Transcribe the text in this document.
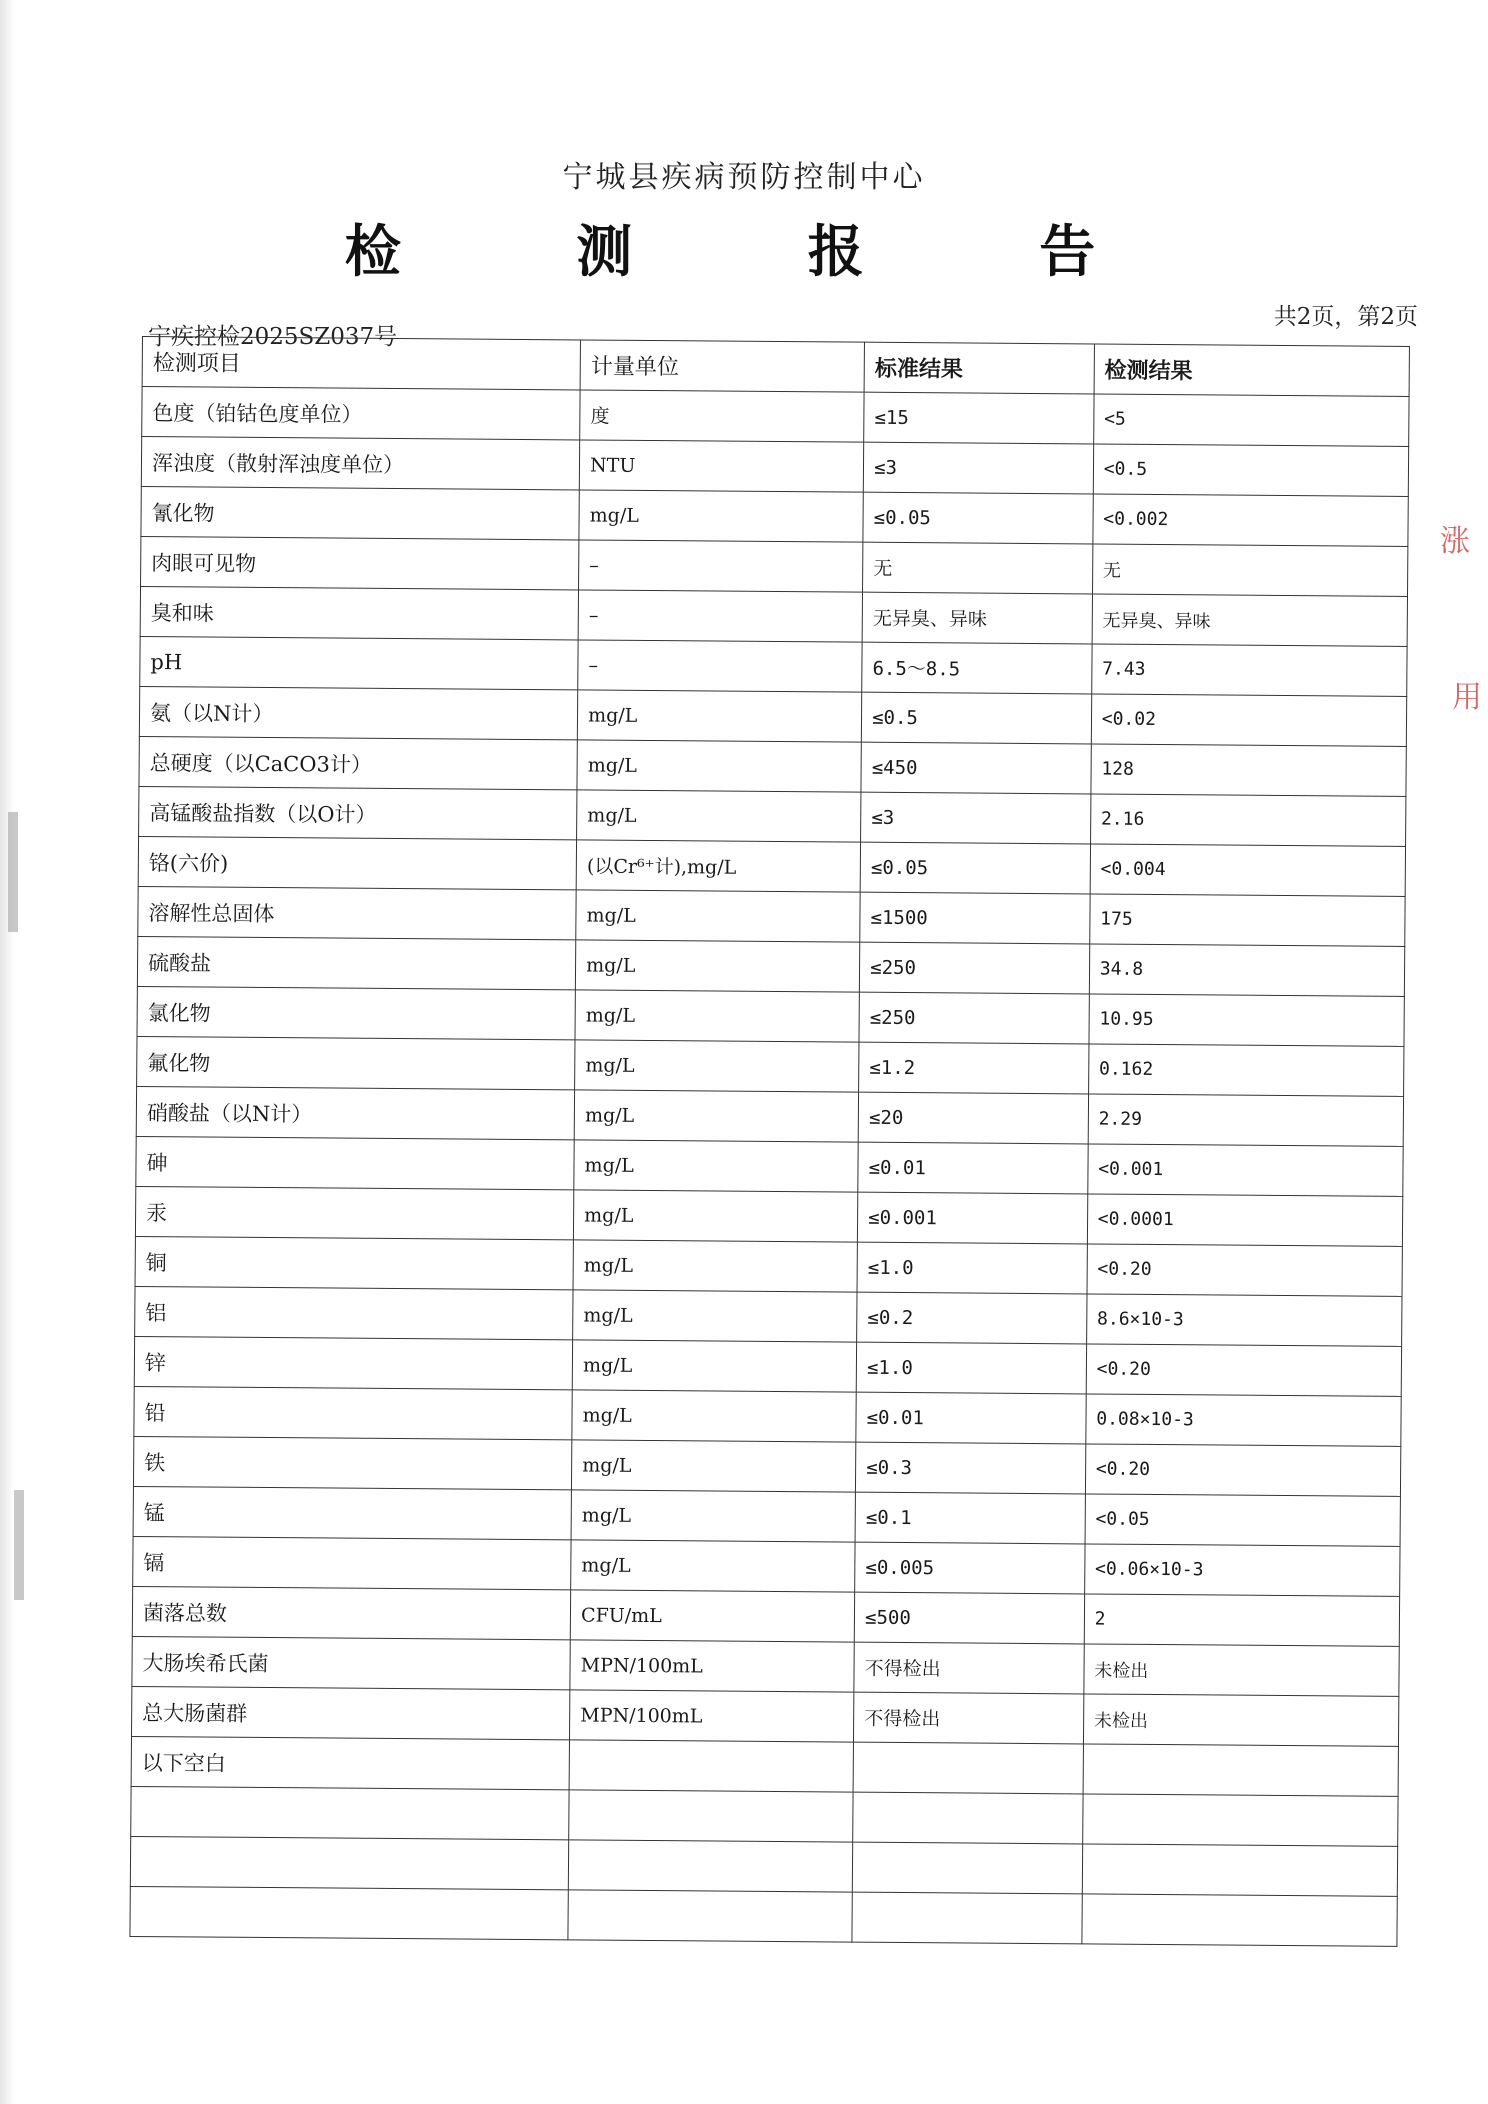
涨
用
宁城县疾病预防控制中心
检 测 报 告
宁疾控检2025SZ037号
共2页，第2页
检测项目	计量单位	标准结果	检测结果
色度（铂钴色度单位）	度	≤15	<5
浑浊度（散射浑浊度单位）	NTU	≤3	<0.5
氰化物	mg/L	≤0.05	<0.002
肉眼可见物	–	无	无
臭和味	–	无异臭、异味	无异臭、异味
pH	–	6.5～8.5	7.43
氨（以N计）	mg/L	≤0.5	<0.02
总硬度（以CaCO3计）	mg/L	≤450	128
高锰酸盐指数（以O计）	mg/L	≤3	2.16
铬(六价)	(以Cr⁶⁺计),mg/L	≤0.05	<0.004
溶解性总固体	mg/L	≤1500	175
硫酸盐	mg/L	≤250	34.8
氯化物	mg/L	≤250	10.95
氟化物	mg/L	≤1.2	0.162
硝酸盐（以N计）	mg/L	≤20	2.29
砷	mg/L	≤0.01	<0.001
汞	mg/L	≤0.001	<0.0001
铜	mg/L	≤1.0	<0.20
铝	mg/L	≤0.2	8.6×10-3
锌	mg/L	≤1.0	<0.20
铅	mg/L	≤0.01	0.08×10-3
铁	mg/L	≤0.3	<0.20
锰	mg/L	≤0.1	<0.05
镉	mg/L	≤0.005	<0.06×10-3
菌落总数	CFU/mL	≤500	2
大肠埃希氏菌	MPN/100mL	不得检出	未检出
总大肠菌群	MPN/100mL	不得检出	未检出
以下空白			
